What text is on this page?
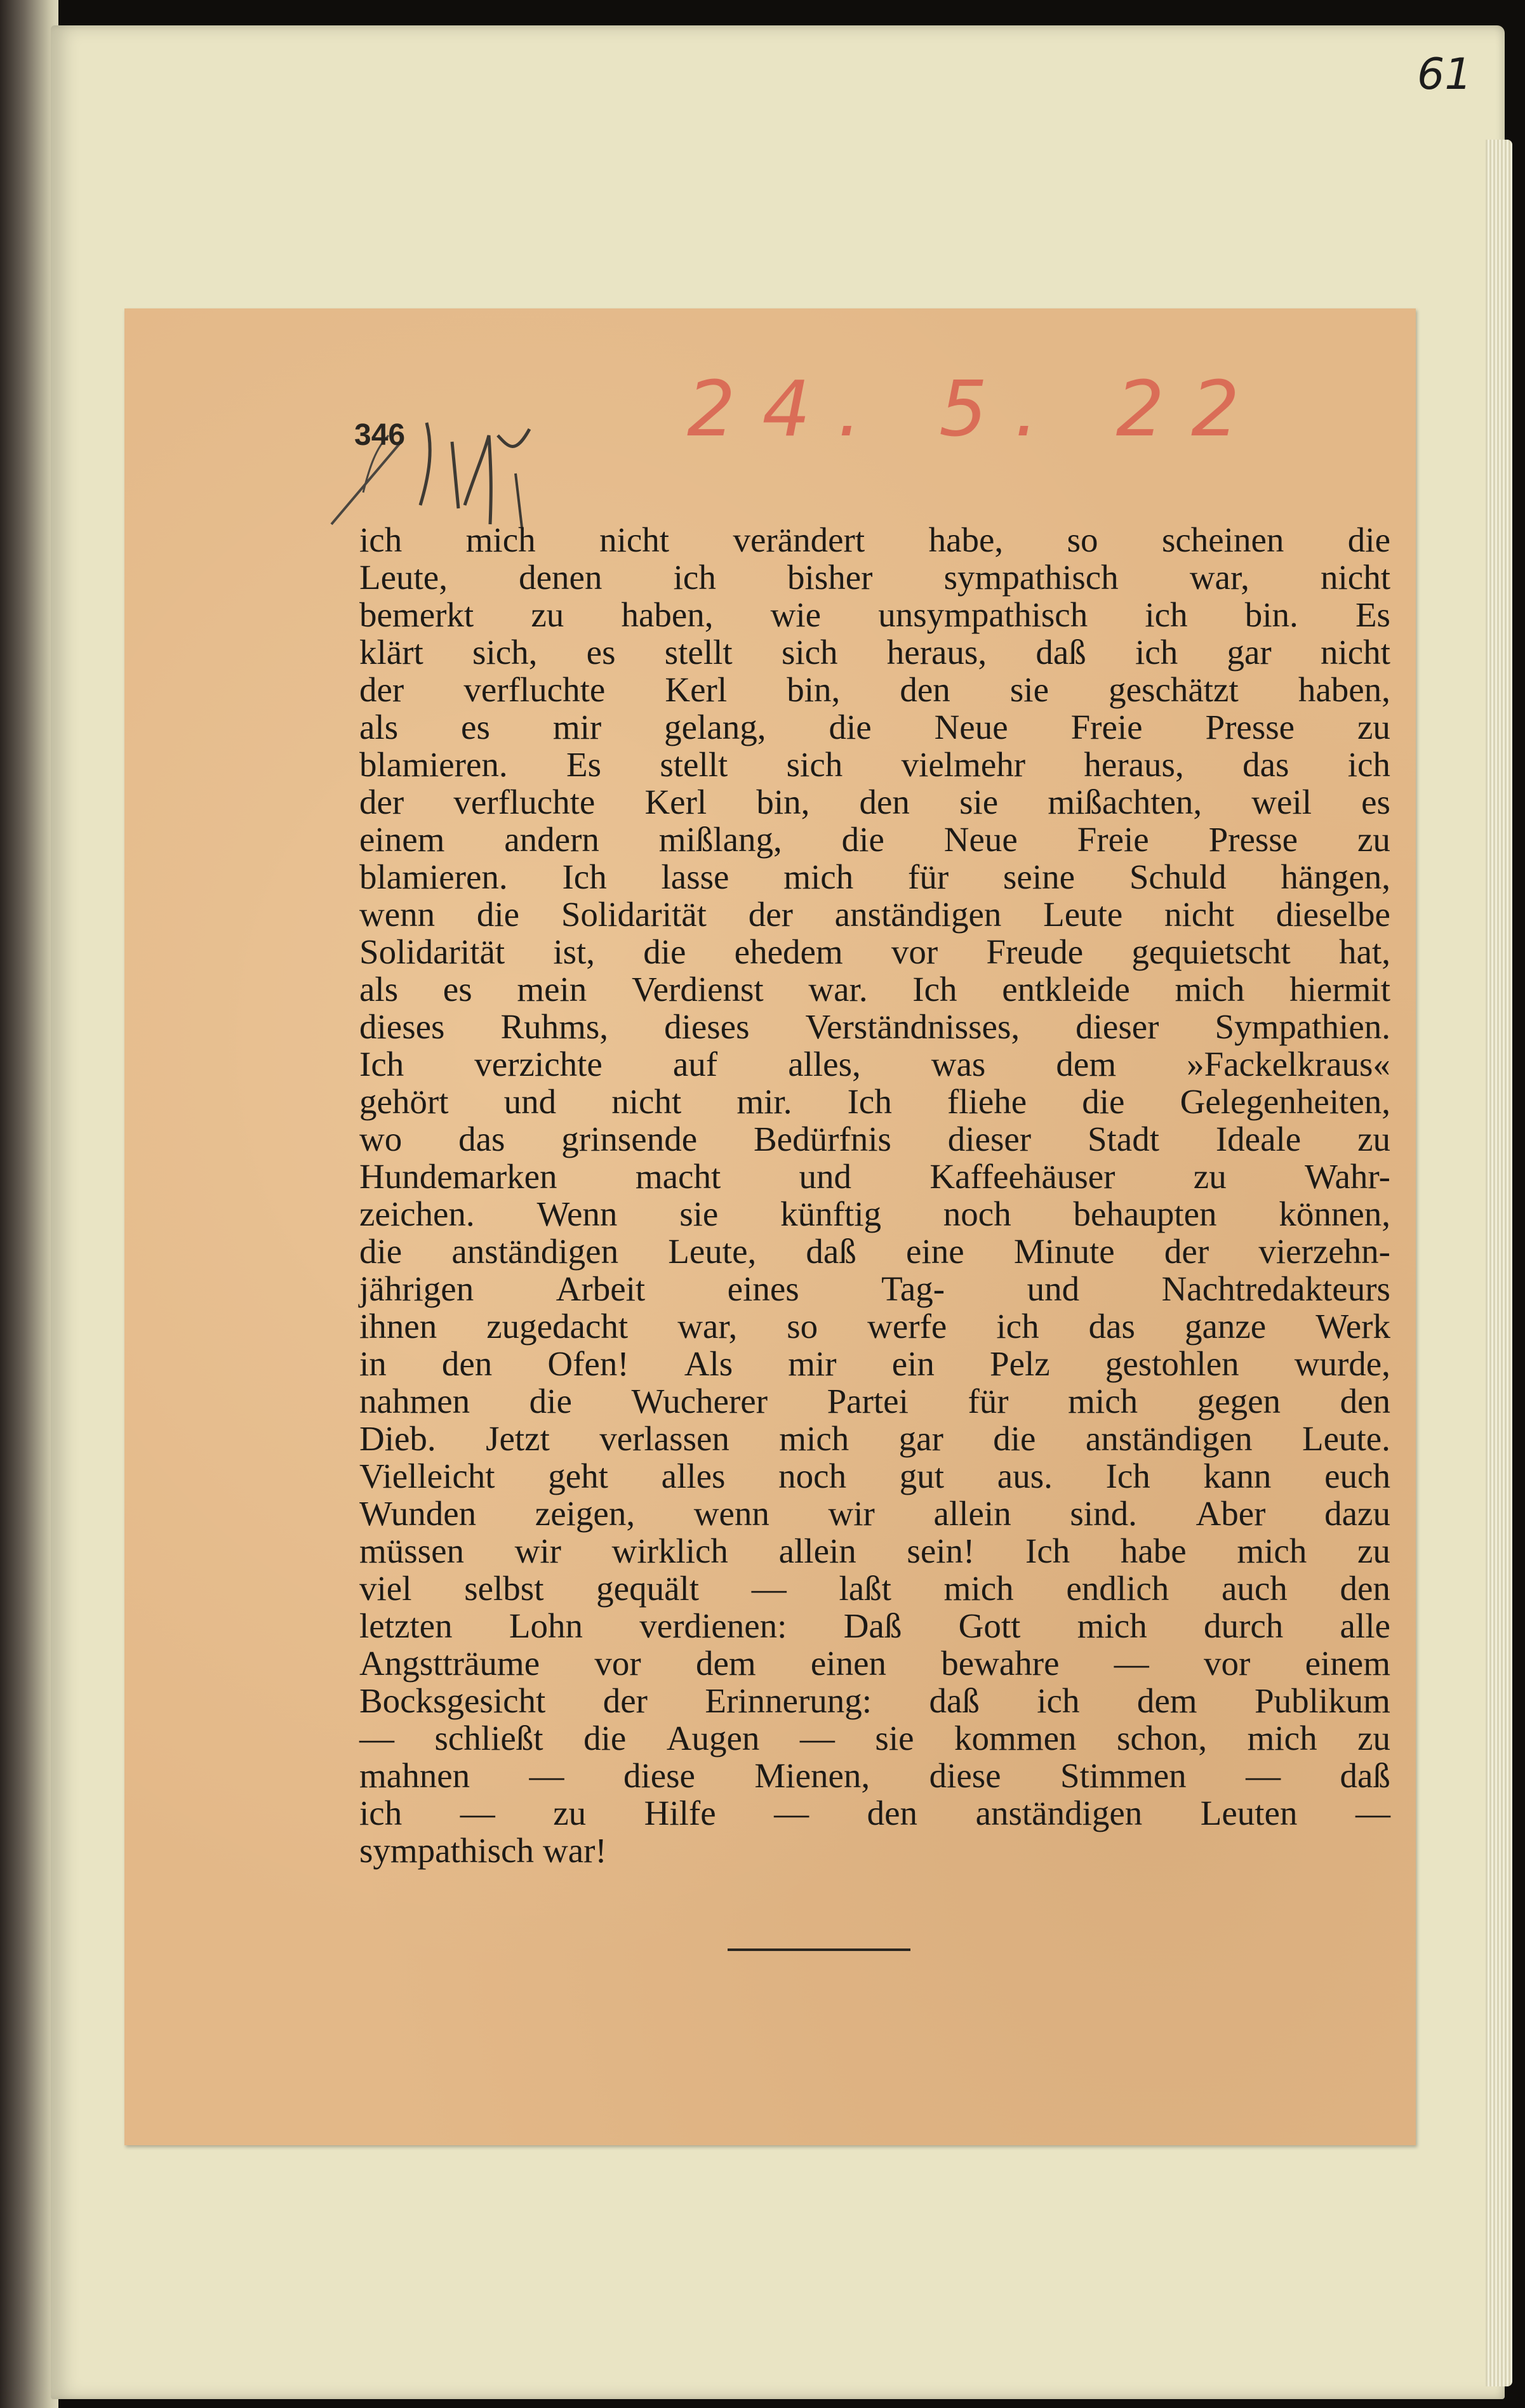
61
346	24. 5. 22
ich mich nicht verändert habe, so scheinen die
Leute, denen ich bisher sympathisch war, nicht
bemerkt zu haben, wie unsympathisch ich bin. Es
klärt sich, es stellt sich heraus, daß ich gar nicht
der verfluchte Kerl bin, den sie geschätzt haben,
als es mir gelang, die Neue Freie Presse zu
blamieren. Es stellt sich vielmehr heraus, das ich
der verfluchte Kerl bin, den sie mißachten, weil es
einem andern mißlang, die Neue Freie Presse zu
blamieren. Ich lasse mich für seine Schuld hängen,
wenn die Solidarität der anständigen Leute nicht dieselbe
Solidarität ist, die ehedem vor Freude gequietscht hat,
als es mein Verdienst war. Ich entkleide mich hiermit
dieses Ruhms, dieses Verständnisses, dieser Sympathien.
Ich verzichte auf alles, was dem »Fackelkraus«
gehört und nicht mir. Ich fliehe die Gelegenheiten,
wo das grinsende Bedürfnis dieser Stadt Ideale zu
Hundemarken macht und Kaffeehäuser zu Wahr-
zeichen. Wenn sie künftig noch behaupten können,
die anständigen Leute, daß eine Minute der vierzehn-
jährigen Arbeit eines Tag- und Nachtredakteurs
ihnen zugedacht war, so werfe ich das ganze Werk
in den Ofen! Als mir ein Pelz gestohlen wurde,
nahmen die Wucherer Partei für mich gegen den
Dieb. Jetzt verlassen mich gar die anständigen Leute.
Vielleicht geht alles noch gut aus. Ich kann euch
Wunden zeigen, wenn wir allein sind. Aber dazu
müssen wir wirklich allein sein! Ich habe mich zu
viel selbst gequält — laßt mich endlich auch den
letzten Lohn verdienen: Daß Gott mich durch alle
Angstträume vor dem einen bewahre — vor einem
Bocksgesicht der Erinnerung: daß ich dem Publikum
— schließt die Augen — sie kommen schon, mich zu
mahnen — diese Mienen, diese Stimmen — daß
ich — zu Hilfe — den anständigen Leuten —
sympathisch war!
